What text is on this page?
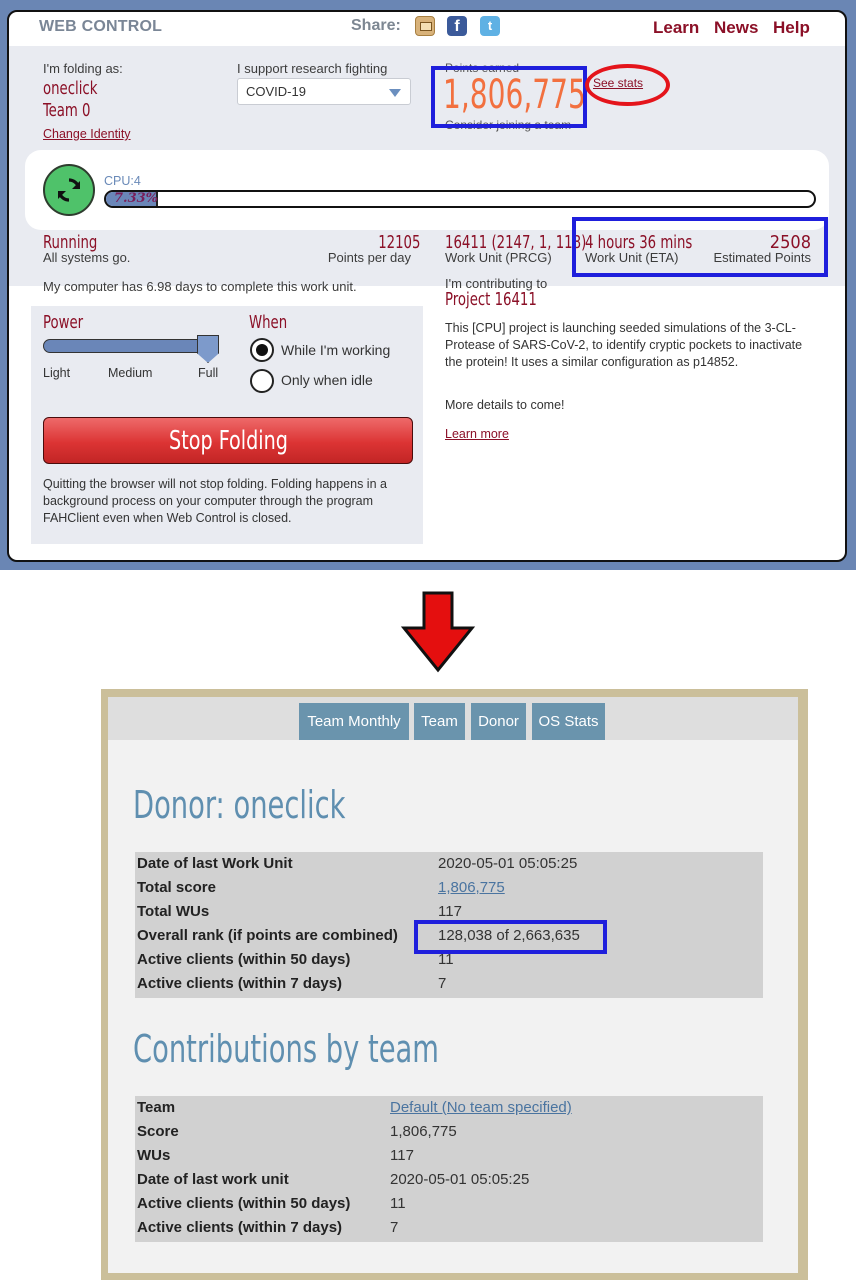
WEB CONTROL	Share:	f	t	Learn News Help
I'm folding as:
oneclick
Team 0
Change Identity
I support research fighting
COVID-19
Points earned
1,806,775
Consider joining a team
See stats
CPU:4
7.33%
Running
All systems go.
12105
Points per day
My computer has 6.98 days to complete this work unit.
16411 (2147, 1, 118)
Work Unit (PRCG)
4 hours 36 mins
Work Unit (ETA)
2508
Estimated Points
I'm contributing to
Project 16411
This [CPU] project is launching seeded simulations of the 3-CL-Protease of SARS-CoV-2, to identify cryptic pockets to inactivate the protein! It uses a similar configuration as p14852.
More details to come!
Learn more
Power
Light	Medium	Full
When
While I'm working
Only when idle
Stop Folding
Quitting the browser will not stop folding. Folding happens in a background process on your computer through the program FAHClient even when Web Control is closed.
Team Monthly	Team	Donor	OS Stats
Donor: oneclick
Date of last Work Unit	2020-05-01 05:05:25
Total score	1,806,775
Total WUs	117
Overall rank (if points are combined)	128,038 of 2,663,635
Active clients (within 50 days)	11
Active clients (within 7 days)	7
Contributions by team
Team	Default (No team specified)
Score	1,806,775
WUs	117
Date of last work unit	2020-05-01 05:05:25
Active clients (within 50 days)	11
Active clients (within 7 days)	7
